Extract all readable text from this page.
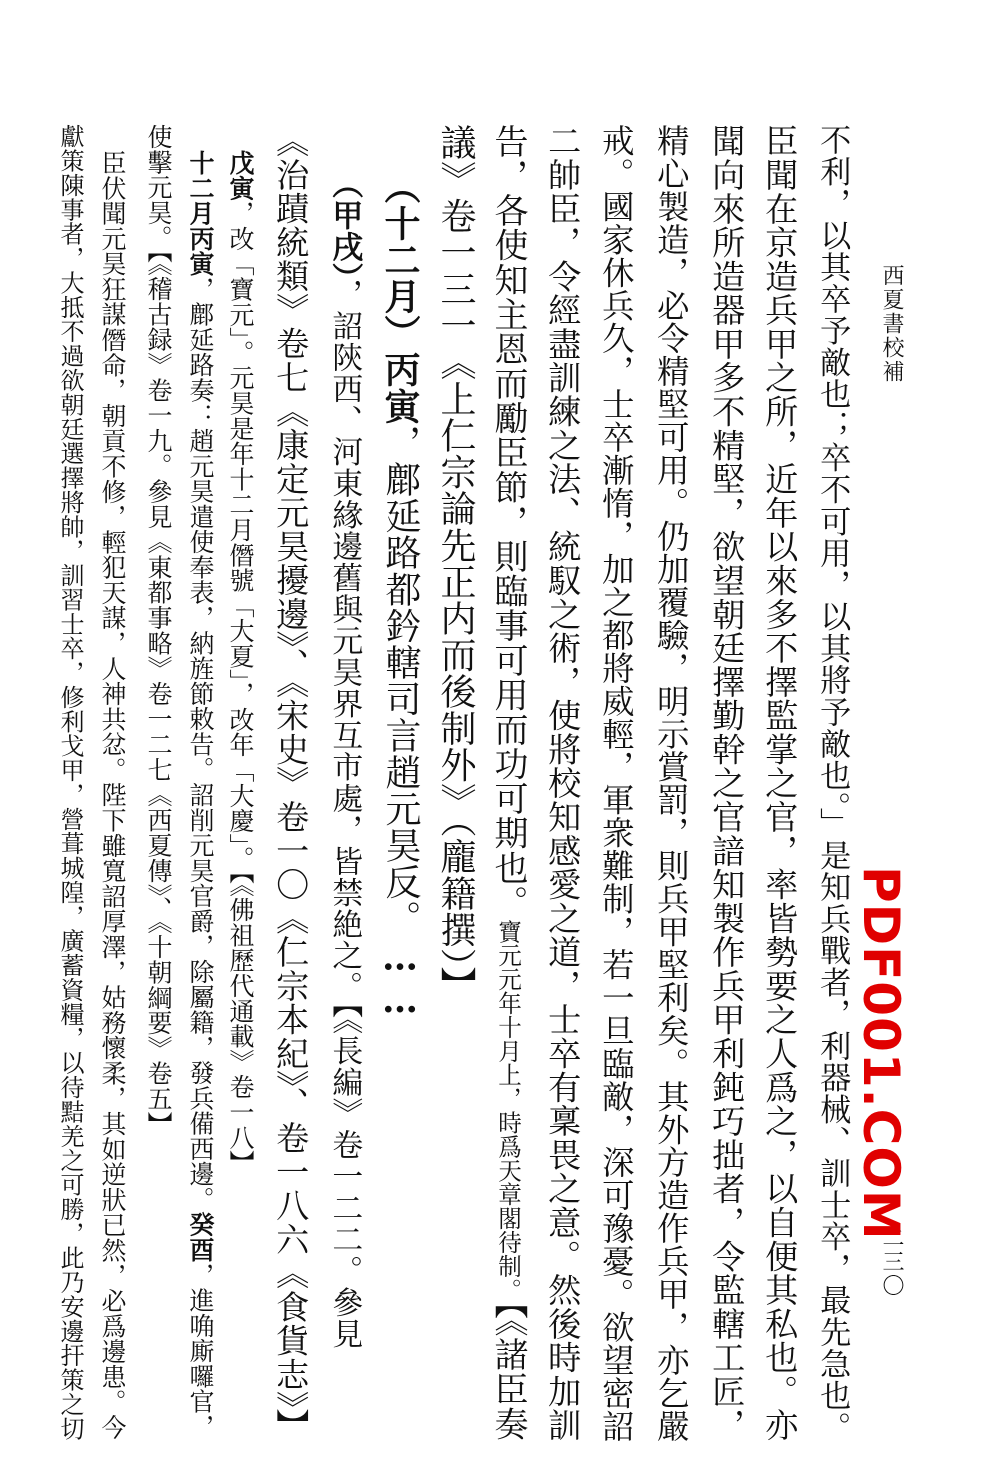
西夏書校補
二三〇
PDF001.COM
不利，以其卒予敵也；卒不可用，以其將予敵也。」是知兵戰者，利器械、訓士卒，最先急也。
臣聞在京造兵甲之所，近年以來多不擇監掌之官，率皆勢要之人爲之，以自便其私也。亦
聞向來所造器甲多不精堅，欲望朝廷擇勤幹之官諳知製作兵甲利鈍巧拙者，令監轄工匠，
精心製造，必令精堅可用。仍加覆驗，明示賞罰，則兵甲堅利矣。其外方造作兵甲，亦乞嚴
戒。國家休兵久，士卒漸惰，加之都將威輕，軍衆難制，若一旦臨敵，深可豫憂。欲望密詔
二帥臣，令經盡訓練之法、統馭之術，使將校知感愛之道，士卒有稟畏之意。然後時加訓
告，各使知主恩而勵臣節，則臨事可用而功可期也。寶元元年十月上，時爲天章閣待制。【《諸臣奏
議》卷一三一《上仁宗論先正内而後制外》（龐籍撰）】
（十二月）丙寅，鄜延路都鈐轄司言趙元昊反。……
（甲戌），詔陝西、河東緣邊舊與元昊界互市處，皆禁絶之。【《長編》卷一二二。參見
《治蹟統類》卷七《康定元昊擾邊》、《宋史》卷一〇《仁宗本紀》、卷一八六《食貨志》】
戊寅，改「寶元」。元昊是年十二月僭號「大夏」，改年「大慶」。【《佛祖歷代通載》卷一八】
十二月丙寅，鄜延路奏：趙元昊遣使奉表，納旌節敕告。詔削元昊官爵，除屬籍，發兵備西邊。癸酉，進唃廝囉官，
使擊元昊。【《稽古録》卷一九。參見《東都事略》卷一二七《西夏傳》、《十朝綱要》卷五】
臣伏聞元昊狂謀僭命，朝貢不修，輕犯天謀，人神共忿。陛下雖寬詔厚澤，姑務懷柔，其如逆狀已然，必爲邊患。今
獻策陳事者，大抵不過欲朝廷選擇將帥，訓習士卒，修利戈甲，營葺城隍，廣蓄資糧，以待黠羌之可勝，此乃安邊扞策之切
